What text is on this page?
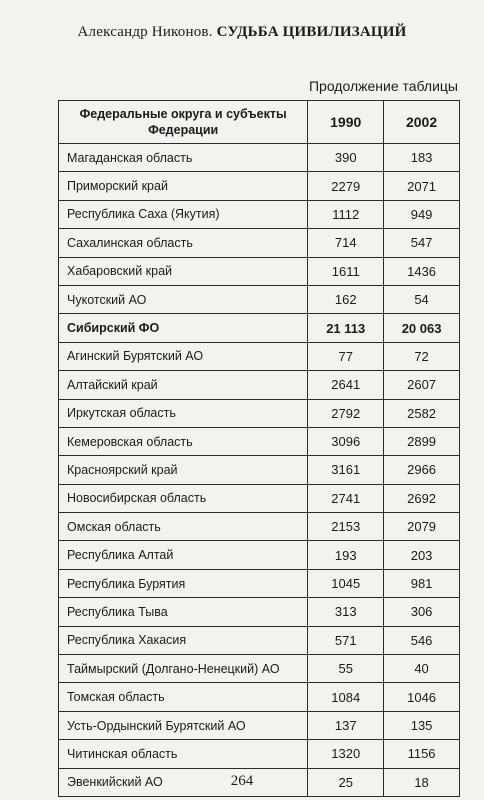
Александр Никонов. СУДЬБА ЦИВИЛИЗАЦИЙ
Продолжение таблицы
Федеральные округа и субъекты Федерации	1990	2002
Магаданская область	390	183
Приморский край	2279	2071
Республика Саха (Якутия)	1112	949
Сахалинская область	714	547
Хабаровский край	1611	1436
Чукотский АО	162	54
Сибирский ФО	21 113	20 063
Агинский Бурятский АО	77	72
Алтайский край	2641	2607
Иркутская область	2792	2582
Кемеровская область	3096	2899
Красноярский край	3161	2966
Новосибирская область	2741	2692
Омская область	2153	2079
Республика Алтай	193	203
Республика Бурятия	1045	981
Республика Тыва	313	306
Республика Хакасия	571	546
Таймырский (Долгано-Ненецкий) АО	55	40
Томская область	1084	1046
Усть-Ордынский Бурятский АО	137	135
Читинская область	1320	1156
Эвенкийский АО	25	18
264
